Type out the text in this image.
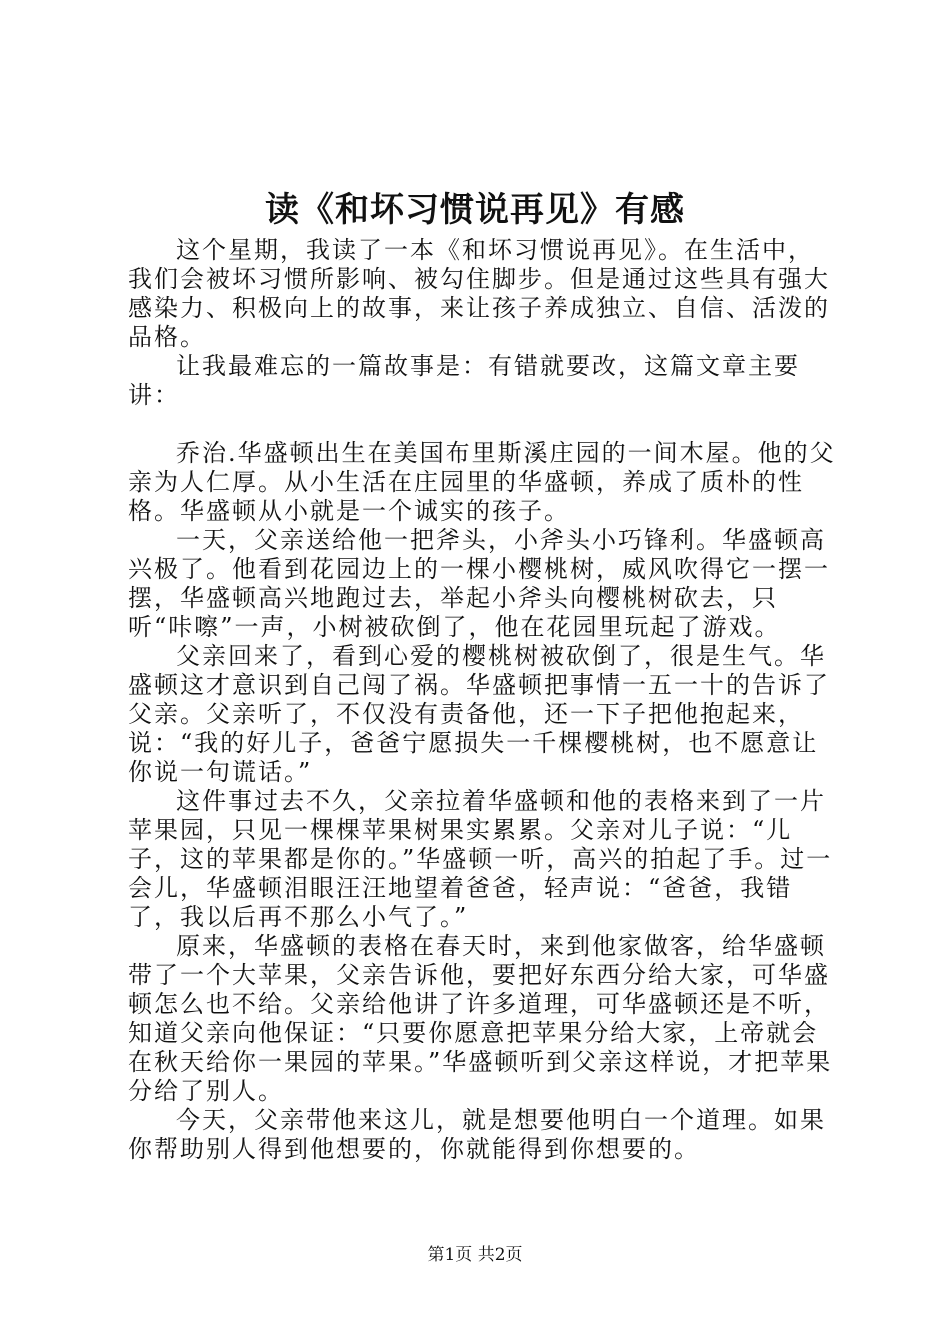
读《和坏习惯说再见》有感

这个星期，我读了一本《和坏习惯说再见》。在生活中，我们会被坏习惯所影响、被勾住脚步。但是通过这些具有强大感染力、积极向上的故事，来让孩子养成独立、自信、活泼的品格。

让我最难忘的一篇故事是：有错就要改，这篇文章主要讲：

乔治.华盛顿出生在美国布里斯溪庄园的一间木屋。他的父亲为人仁厚。从小生活在庄园里的华盛顿，养成了质朴的性格。华盛顿从小就是一个诚实的孩子。

一天，父亲送给他一把斧头，小斧头小巧锋利。华盛顿高兴极了。他看到花园边上的一棵小樱桃树，威风吹得它一摆一摆，华盛顿高兴地跑过去，举起小斧头向樱桃树砍去，只听“咔嚓”一声，小树被砍倒了，他在花园里玩起了游戏。

父亲回来了，看到心爱的樱桃树被砍倒了，很是生气。华盛顿这才意识到自己闯了祸。华盛顿把事情一五一十的告诉了父亲。父亲听了，不仅没有责备他，还一下子把他抱起来，说：“我的好儿子，爸爸宁愿损失一千棵樱桃树，也不愿意让你说一句谎话。”

这件事过去不久，父亲拉着华盛顿和他的表格来到了一片苹果园，只见一棵棵苹果树果实累累。父亲对儿子说：“儿子，这的苹果都是你的。”华盛顿一听，高兴的拍起了手。过一会儿，华盛顿泪眼汪汪地望着爸爸，轻声说：“爸爸，我错了，我以后再不那么小气了。”

原来，华盛顿的表格在春天时，来到他家做客，给华盛顿带了一个大苹果，父亲告诉他，要把好东西分给大家，可华盛顿怎么也不给。父亲给他讲了许多道理，可华盛顿还是不听，知道父亲向他保证：“只要你愿意把苹果分给大家，上帝就会在秋天给你一果园的苹果。”华盛顿听到父亲这样说，才把苹果分给了别人。

今天，父亲带他来这儿，就是想要他明白一个道理。如果你帮助别人得到他想要的，你就能得到你想要的。

第1页 共2页
